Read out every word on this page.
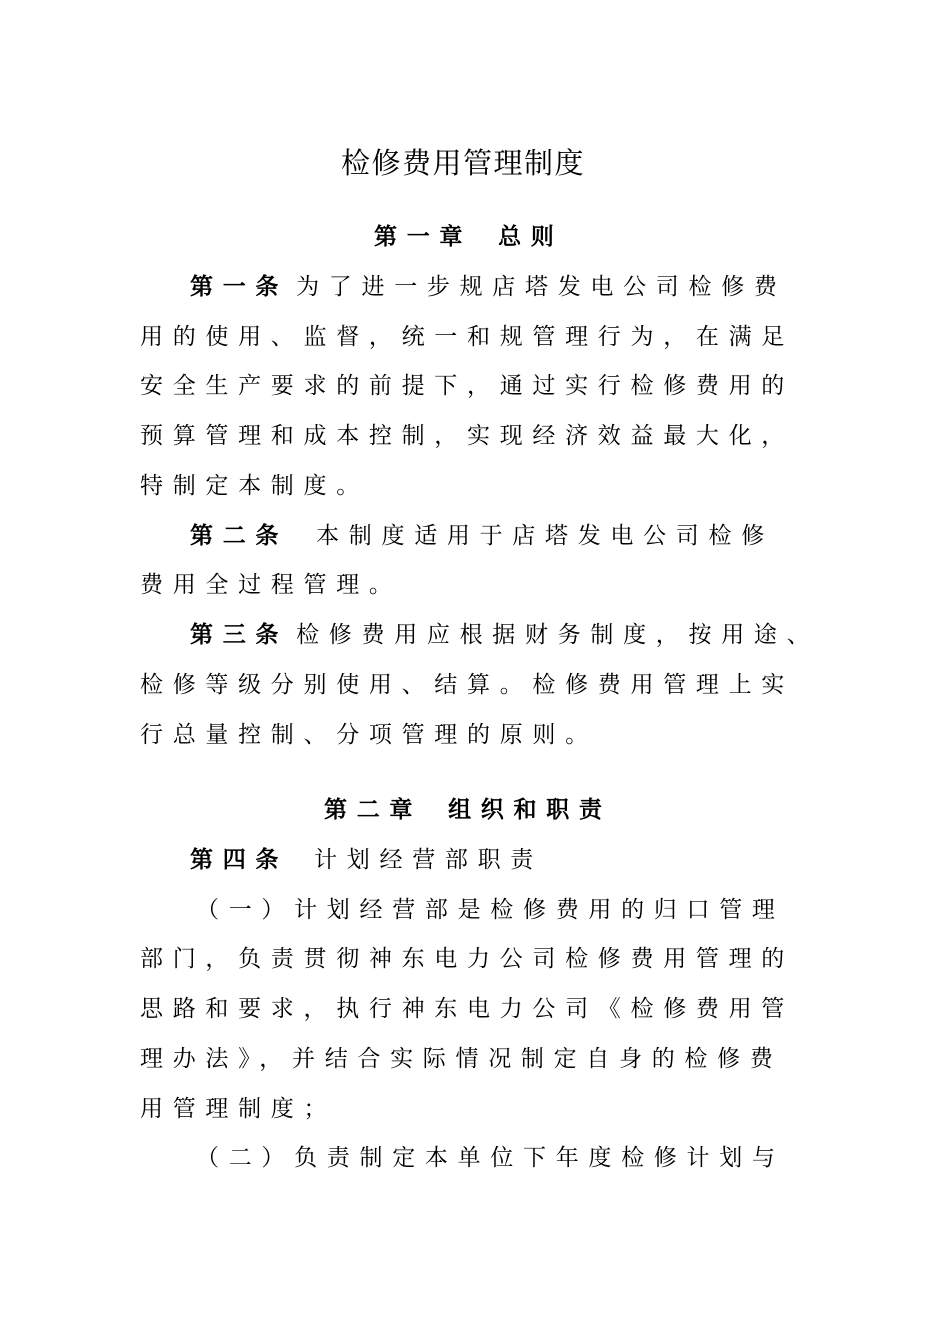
检修费用管理制度
第一章 总则
第一条 为了进一步规店塔发电公司检修费
用的使用、监督，统一和规管理行为，在满足
安全生产要求的前提下，通过实行检修费用的
预算管理和成本控制，实现经济效益最大化，
特制定本制度。
第二条 本制度适用于店塔发电公司检修
费用全过程管理。
第三条 检修费用应根据财务制度，按用途、
检修等级分别使用、结算。检修费用管理上实
行总量控制、分项管理的原则。
第二章 组织和职责
第四条 计划经营部职责
（一）计划经营部是检修费用的归口管理
部门，负责贯彻神东电力公司检修费用管理的
思路和要求，执行神东电力公司《检修费用管
理办法》，并结合实际情况制定自身的检修费
用管理制度；
（二）负责制定本单位下年度检修计划与
